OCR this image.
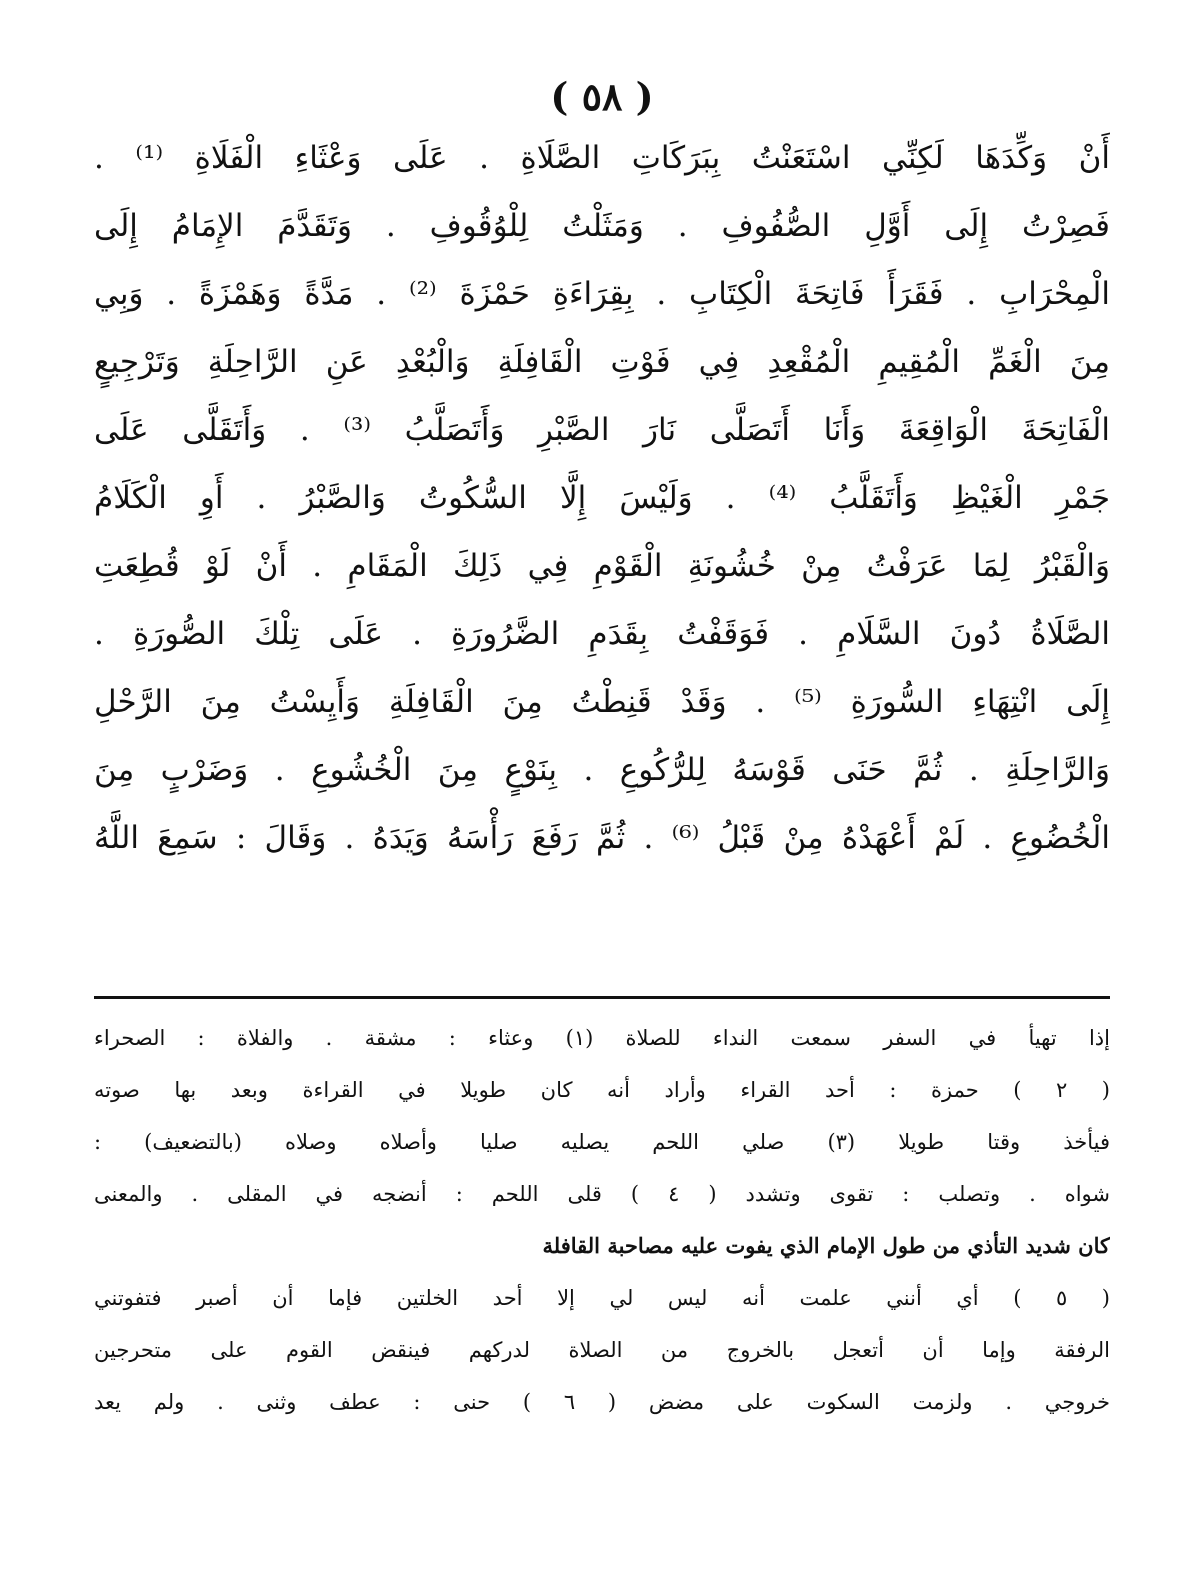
( ٥٨ )
أَنْ وَكِّدَهَا لَكِنِّي اسْتَعَنْتُ بِبَرَكَاتِ الصَّلَاةِ . عَلَى وَعْثَاءِ الْفَلَاةِ ⁽¹⁾ .
فَصِرْتُ إِلَى أَوَّلِ الصُّفُوفِ . وَمَثَلْتُ لِلْوُقُوفِ . وَتَقَدَّمَ الإِمَامُ إِلَى
الْمِحْرَابِ . فَقَرَأَ فَاتِحَةَ الْكِتَابِ . بِقِرَاءَةِ حَمْزَةَ ⁽²⁾ . مَدَّةً وَهَمْزَةً . وَبِي
مِنَ الْغَمِّ الْمُقِيمِ الْمُقْعِدِ فِي فَوْتِ الْقَافِلَةِ وَالْبُعْدِ عَنِ الرَّاحِلَةِ وَتَرْجِيعٍ
الْفَاتِحَةَ الْوَاقِعَةَ وَأَنَا أَتَصَلَّى نَارَ الصَّبْرِ وَأَتَصَلَّبُ ⁽³⁾ . وَأَتَقَلَّى عَلَى
جَمْرِ الْغَيْظِ وَأَتَقَلَّبُ ⁽⁴⁾ . وَلَيْسَ إِلَّا السُّكُوتُ وَالصَّبْرُ . أَوِ الْكَلَامُ
وَالْقَبْرُ لِمَا عَرَفْتُ مِنْ خُشُونَةِ الْقَوْمِ فِي ذَلِكَ الْمَقَامِ . أَنْ لَوْ قُطِعَتِ
الصَّلَاةُ دُونَ السَّلَامِ . فَوَقَفْتُ بِقَدَمِ الضَّرُورَةِ . عَلَى تِلْكَ الصُّورَةِ .
إِلَى انْتِهَاءِ السُّورَةِ ⁽⁵⁾ . وَقَدْ قَنِطْتُ مِنَ الْقَافِلَةِ وَأَيِسْتُ مِنَ الرَّحْلِ
وَالرَّاحِلَةِ . ثُمَّ حَنَى قَوْسَهُ لِلرُّكُوعِ . بِنَوْعٍ مِنَ الْخُشُوعِ . وَضَرْبٍ مِنَ
الْخُضُوعِ . لَمْ أَعْهَدْهُ مِنْ قَبْلُ ⁽⁶⁾ . ثُمَّ رَفَعَ رَأْسَهُ وَيَدَهُ . وَقَالَ : سَمِعَ اللَّهُ
إذا تهيأ في السفر سمعت النداء للصلاة (١) وعثاء : مشقة . والفلاة : الصحراء
( ٢ ) حمزة : أحد القراء وأراد أنه كان طويلا في القراءة وبعد بها صوته
فيأخذ وقتا طويلا (٣) صلي اللحم يصليه صليا وأصلاه وصلاه (بالتضعيف) :
شواه . وتصلب : تقوى وتشدد ( ٤ ) قلى اللحم : أنضجه في المقلى . والمعنى
كان شديد التأذي من طول الإمام الذي يفوت عليه مصاحبة القافلة
( ٥ ) أي أنني علمت أنه ليس لي إلا أحد الخلتين فإما أن أصبر فتفوتني
الرفقة وإما أن أتعجل بالخروج من الصلاة لدركهم فينقض القوم على متحرجين
خروجي . ولزمت السكوت على مضض ( ٦ ) حنى : عطف وثنى . ولم يعد
